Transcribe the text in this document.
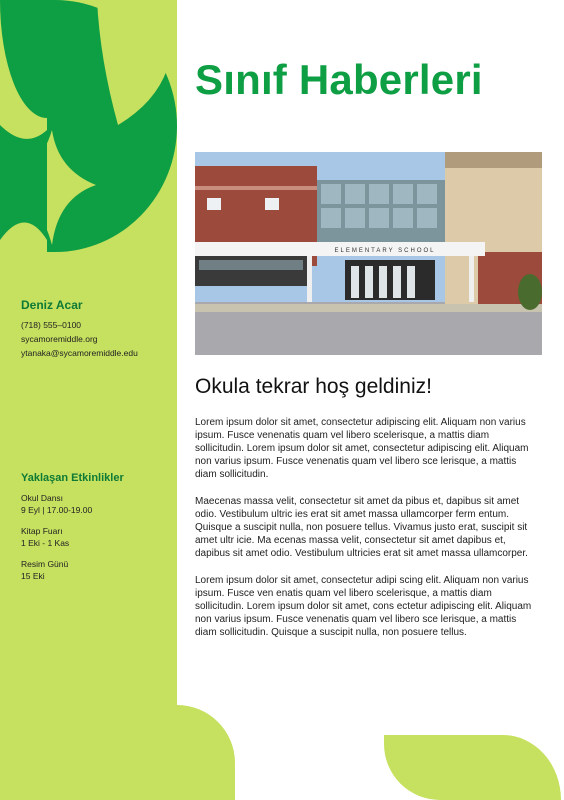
Sınıf Haberleri
ELEMENTARY SCHOOL
Okula tekrar hoş geldiniz!

Lorem ipsum dolor sit amet, consectetur adipiscing elit. Aliquam non varius ipsum. Fusce venenatis quam vel libero scelerisque, a mattis diam sollicitudin. Lorem ipsum dolor sit amet, consectetur adipiscing elit. Aliquam non varius ipsum. Fusce venenatis quam vel libero sce lerisque, a mattis diam sollicitudin.

Maecenas massa velit, consectetur sit amet da pibus et, dapibus sit amet odio. Vestibulum ultric ies erat sit amet massa ullamcorper ferm entum. Quisque a suscipit nulla, non posuere tellus. Vivamus justo erat, suscipit sit amet ultr icie. Ma ecenas massa velit, consectetur sit amet dapibus et, dapibus sit amet odio. Vestibulum ultricies erat sit amet massa ullamcorper.

Lorem ipsum dolor sit amet, consectetur adipi scing elit. Aliquam non varius ipsum. Fusce ven enatis quam vel libero scelerisque, a mattis diam sollicitudin. Lorem ipsum dolor sit amet, cons ectetur adipiscing elit. Aliquam non varius ipsum. Fusce venenatis quam vel libero sce lerisque, a mattis diam sollicitudin. Quisque a suscipit nulla, non posuere tellus.

Deniz Acar
(718) 555–0100
sycamoremiddle.org
ytanaka@sycamoremiddle.edu
Yaklaşan Etkinlikler
Okul Dansı
9 Eyl | 17.00-19.00
Kitap Fuarı
1 Eki - 1 Kas
Resim Günü
15 Eki
